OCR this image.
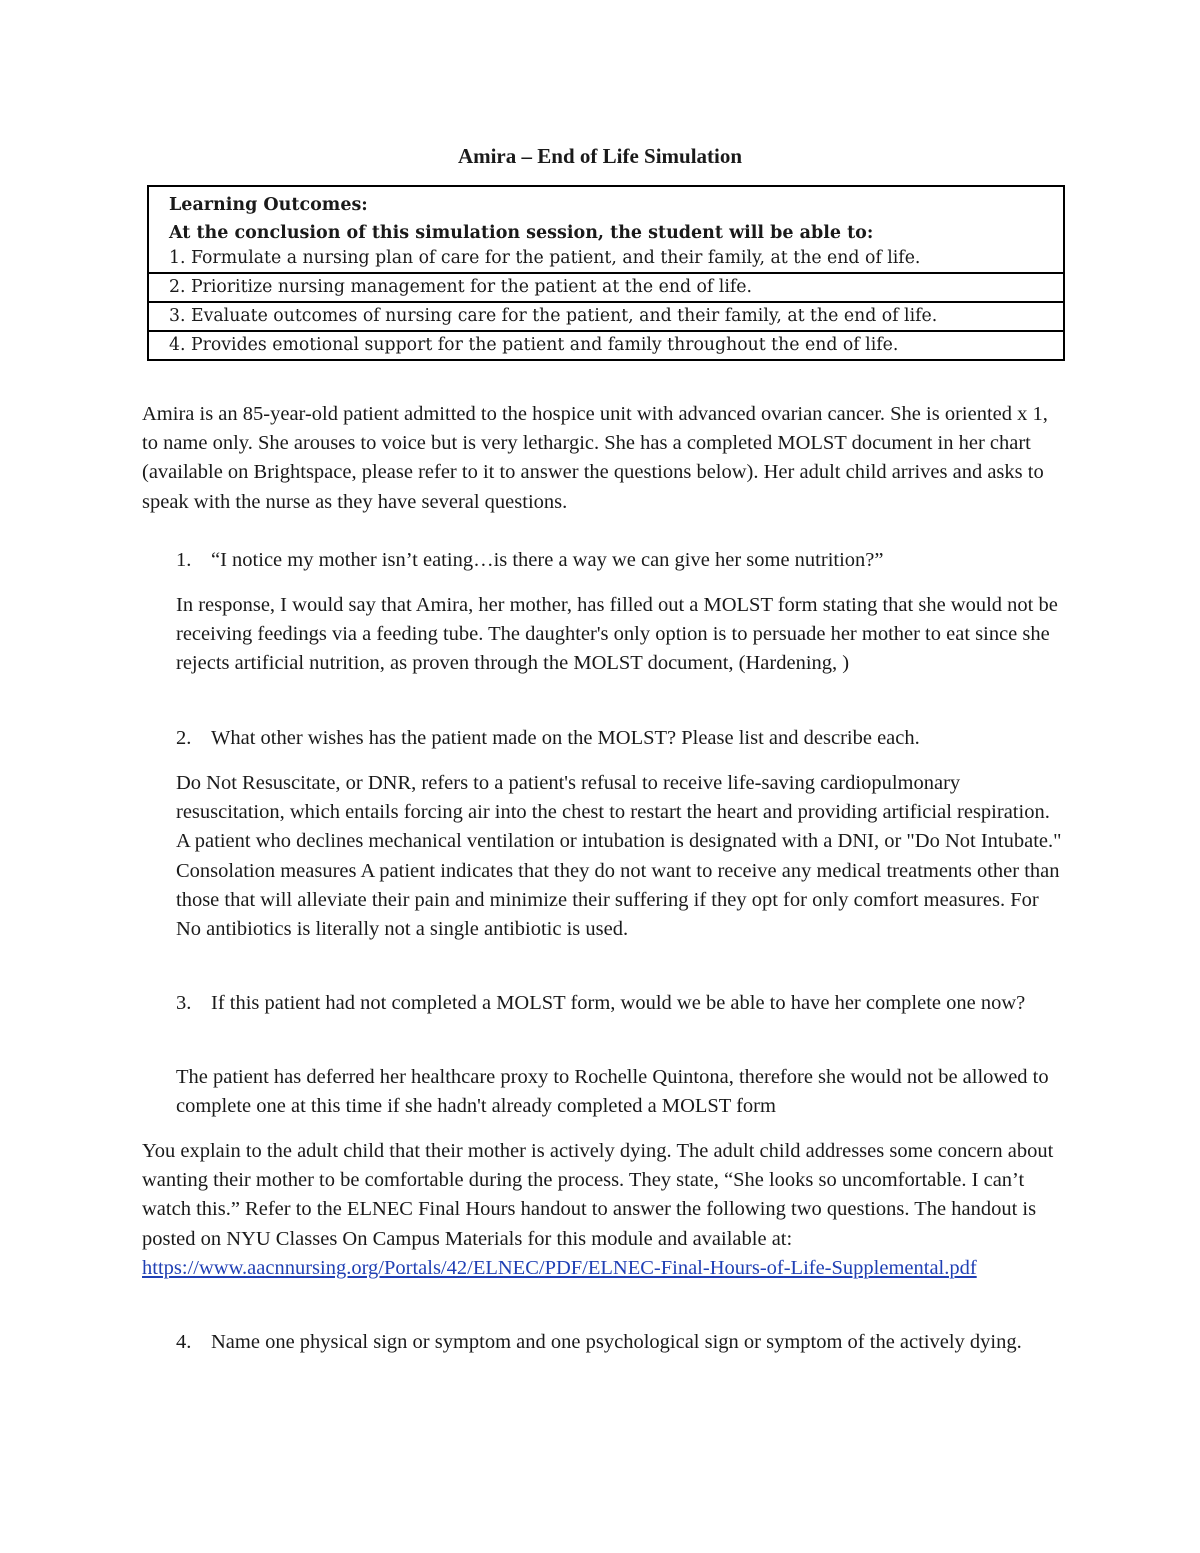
Amira – End of Life Simulation
Learning Outcomes:
At the conclusion of this simulation session, the student will be able to:
1. Formulate a nursing plan of care for the patient, and their family, at the end of life.
2. Prioritize nursing management for the patient at the end of life.
3. Evaluate outcomes of nursing care for the patient, and their family, at the end of life.
4. Provides emotional support for the patient and family throughout the end of life.
Amira is an 85-year-old patient admitted to the hospice unit with advanced ovarian cancer. She is oriented x 1, to name only. She arouses to voice but is very lethargic. She has a completed MOLST document in her chart (available on Brightspace, please refer to it to answer the questions below). Her adult child arrives and asks to speak with the nurse as they have several questions.
1. “I notice my mother isn’t eating…is there a way we can give her some nutrition?”
In response, I would say that Amira, her mother, has filled out a MOLST form stating that she would not be receiving feedings via a feeding tube. The daughter's only option is to persuade her mother to eat since she rejects artificial nutrition, as proven through the MOLST document, (Hardening, )
2. What other wishes has the patient made on the MOLST? Please list and describe each.
Do Not Resuscitate, or DNR, refers to a patient's refusal to receive life-saving cardiopulmonary resuscitation, which entails forcing air into the chest to restart the heart and providing artificial respiration. A patient who declines mechanical ventilation or intubation is designated with a DNI, or "Do Not Intubate." Consolation measures A patient indicates that they do not want to receive any medical treatments other than those that will alleviate their pain and minimize their suffering if they opt for only comfort measures. For No antibiotics is literally not a single antibiotic is used.
3. If this patient had not completed a MOLST form, would we be able to have her complete one now?
The patient has deferred her healthcare proxy to Rochelle Quintona, therefore she would not be allowed to complete one at this time if she hadn't already completed a MOLST form
You explain to the adult child that their mother is actively dying. The adult child addresses some concern about wanting their mother to be comfortable during the process. They state, “She looks so uncomfortable. I can’t watch this.” Refer to the ELNEC Final Hours handout to answer the following two questions. The handout is posted on NYU Classes On Campus Materials for this module and available at: https://www.aacnnursing.org/Portals/42/ELNEC/PDF/ELNEC-Final-Hours-of-Life-Supplemental.pdf
4. Name one physical sign or symptom and one psychological sign or symptom of the actively dying.
